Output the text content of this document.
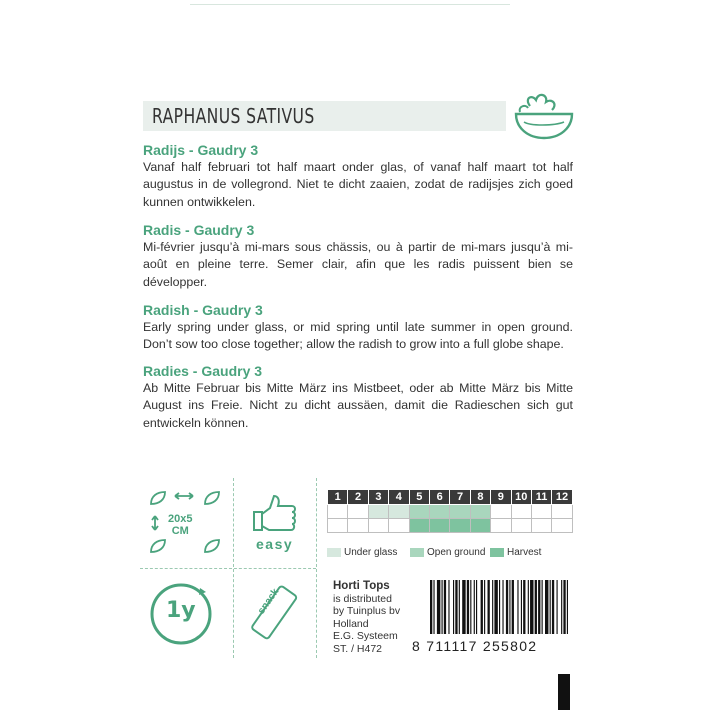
RAPHANUS SATIVUS
Radijs - Gaudry 3

Vanaf half februari tot half maart onder glas, of vanaf half maart tot half augustus in de vollegrond. Niet te dicht zaaien, zodat de radijsjes zich goed kunnen ontwikkelen.

Radis - Gaudry 3

Mi-février jusqu’à mi-mars sous chässis, ou à partir de mi-mars jusqu’à mi-août en pleine terre. Semer clair, afin que les radis puissent bien se développer.

Radish - Gaudry 3

Early spring under glass, or mid spring until late summer in open ground. Don’t sow too close together; allow the radish to grow into a full globe shape.

Radies - Gaudry 3

Ab Mitte Februar bis Mitte März ins Mistbeet, oder ab Mitte März bis Mitte August ins Freie. Nicht zu dicht aussäen, damit die Radieschen sich gut entwickeln können.

20x5
CM
easy
1y	snack
1	2	3	4	5	6	7	8	9	10	11	12

Under glass	Open ground	Harvest
Horti Tops
is distributed
by Tuinplus bv
Holland
E.G. Systeem
ST. / H472	8 711117 255802
